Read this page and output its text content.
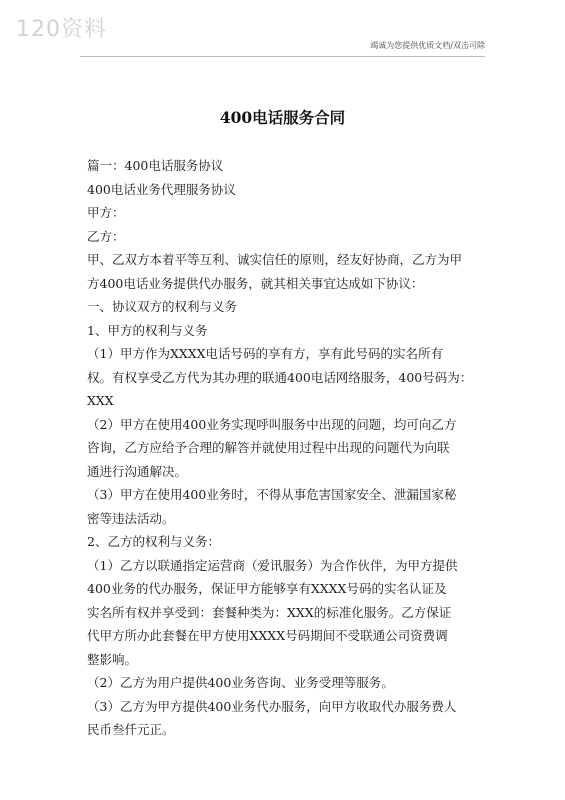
120资料
竭诚为您提供优质文档/双击可除
400电话服务合同
篇一：400电话服务协议
400电话业务代理服务协议
甲方：
乙方：
甲、乙双方本着平等互利、诚实信任的原则，经友好协商，乙方为甲
方400电话业务提供代办服务，就其相关事宜达成如下协议：
一、协议双方的权利与义务
1、甲方的权利与义务
（1）甲方作为XXXX电话号码的享有方，享有此号码的实名所有
权。有权享受乙方代为其办理的联通400电话网络服务，400号码为：
XXX
（2）甲方在使用400业务实现呼叫服务中出现的问题，均可向乙方
咨询，乙方应给予合理的解答并就使用过程中出现的问题代为向联
通进行沟通解决。
（3）甲方在使用400业务时，不得从事危害国家安全、泄漏国家秘
密等违法活动。
2、乙方的权利与义务：
（1）乙方以联通指定运营商（爱讯服务）为合作伙伴，为甲方提供
400业务的代办服务，保证甲方能够享有XXXX号码的实名认证及
实名所有权并享受到：套餐种类为：XXX的标准化服务。乙方保证
代甲方所办此套餐在甲方使用XXXX号码期间不受联通公司资费调
整影响。
（2）乙方为用户提供400业务咨询、业务受理等服务。
（3）乙方为甲方提供400业务代办服务，向甲方收取代办服务费人
民币叁仟元正。
